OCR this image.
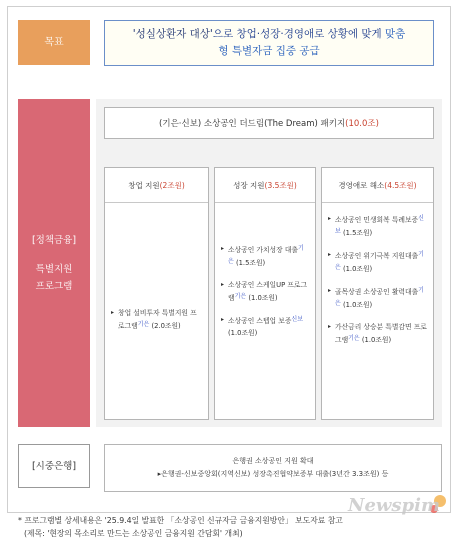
목표
'성실상환자 대상'으로 창업·성장·경영애로 상황에 맞게 맞춤
형 특별자금 집중 공급
[정책금융]
특별지원
프로그램
(기은·신보) 소상공인 더드림(The Dream) 패키지 (10.0조)
창업 지원 (2조원)
▸ 창업 설비투자 특별지원 프로그램기은 (2.0조원)
성장 지원 (3.5조원)
▸ 소상공인 가치성장 대출기은 (1.5조원)
▸ 소상공인 스케일UP 프로그램기은 (1.0조원)
▸ 소상공인 스텝업 보증신보 (1.0조원)
경영애로 해소 (4.5조원)
▸ 소상공인 민생회복 특례보증신보 (1.5조원)
▸ 소상공인 위기극복 지원대출기은 (1.0조원)
▸ 골목상권 소상공인 활력대출기은 (1.0조원)
▸ 가산금리 상승분 특별감면 프로그램기은 (1.0조원)
[시중은행]	은행권 소상공인 지원 확대
▸은행권-신보중앙회(지역신보) 성장촉진협약보증부 대출(3년간 3.3조원) 등
* 프로그램별 상세내용은 '25.9.4일 발표한 「소상공인 신규자금 금융지원방안」 보도자료 참고
(제목: '현장의 목소리로 만드는 소상공인 금융지원 간담회' 개최)
Newspim
